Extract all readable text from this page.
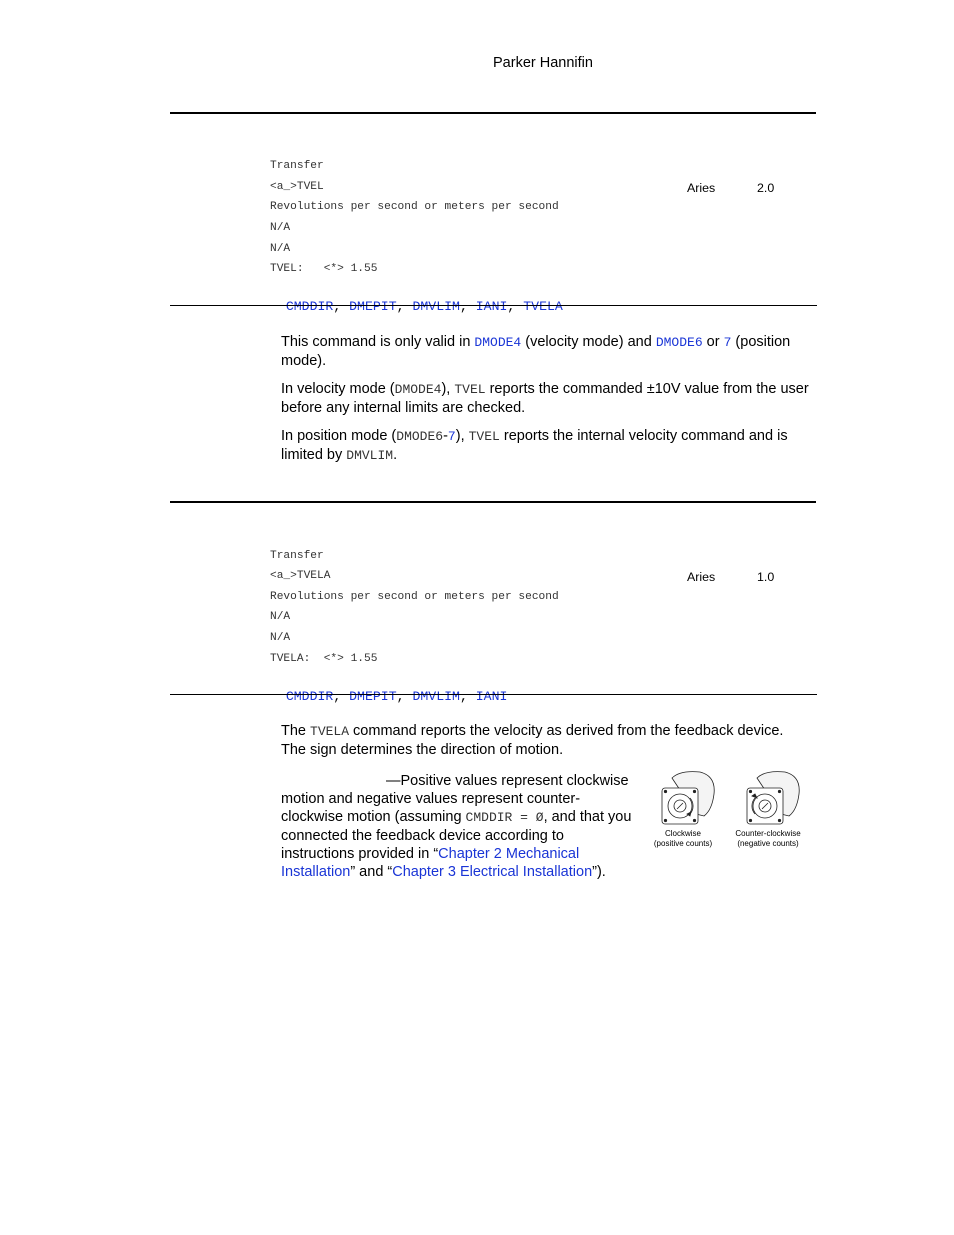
Parker Hannifin
Transfer
<a_>TVEL	Aries	2.0
Revolutions per second or meters per second
N/A
N/A
TVEL:   <*> 1.55

CMDDIR, DMEPIT, DMVLIM, IANI, TVELA

This command is only valid in DMODE4 (velocity mode) and DMODE6 or 7 (position mode).
In velocity mode (DMODE4), TVEL reports the commanded ±10V value from the user before any internal limits are checked.
In position mode (DMODE6-7), TVEL reports the internal velocity command and is limited by DMVLIM.
Transfer
<a_>TVELA	Aries	1.0
Revolutions per second or meters per second
N/A
N/A
TVELA:  <*> 1.55

CMDDIR, DMEPIT, DMVLIM, IANI

The TVELA command reports the velocity as derived from the feedback device. The sign determines the direction of motion.
—Positive values represent clockwise motion and negative values represent counter-clockwise motion (assuming CMDDIR = Ø, and that you connected the feedback device according to instructions provided in “Chapter 2 Mechanical Installation” and “Chapter 3 Electrical Installation”).
Clockwise
(positive counts)
Counter-clockwise
(negative counts)
